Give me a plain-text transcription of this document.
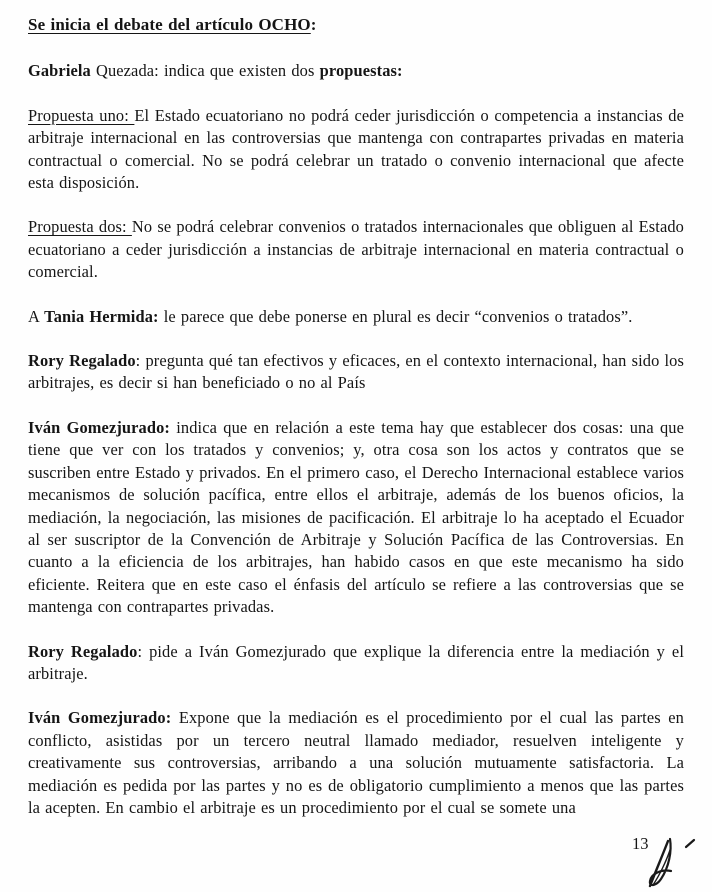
Se inicia el debate del artículo OCHO:

Gabriela Quezada: indica que existen dos propuestas:

Propuesta uno: El Estado ecuatoriano no podrá ceder jurisdicción o competencia a instancias de arbitraje internacional en las controversias que mantenga con contrapartes privadas en materia contractual o comercial. No se podrá celebrar un tratado o convenio internacional que afecte esta disposición.

Propuesta dos: No se podrá celebrar convenios o tratados internacionales que obliguen al Estado ecuatoriano a ceder jurisdicción a instancias de arbitraje internacional en materia contractual o comercial.

A Tania Hermida: le parece que debe ponerse en plural es decir “convenios o tratados”.

Rory Regalado: pregunta qué tan efectivos y eficaces, en el contexto internacional, han sido los arbitrajes, es decir si han beneficiado o no al País

Iván Gomezjurado: indica que en relación a este tema hay que establecer dos cosas: una que tiene que ver con los tratados y convenios; y, otra cosa son los actos y contratos que se suscriben entre Estado y privados. En el primero caso, el Derecho Internacional establece varios mecanismos de solución pacífica, entre ellos el arbitraje, además de los buenos oficios, la mediación, la negociación, las misiones de pacificación. El arbitraje lo ha aceptado el Ecuador al ser suscriptor de la Convención de Arbitraje y Solución Pacífica de las Controversias. En cuanto a la eficiencia de los arbitrajes, han habido casos en que este mecanismo ha sido eficiente. Reitera que en este caso el énfasis del artículo se refiere a las controversias que se mantenga con contrapartes privadas.

Rory Regalado: pide a Iván Gomezjurado que explique la diferencia entre la mediación y el arbitraje.

Iván Gomezjurado: Expone que la mediación es el procedimiento por el cual las partes en conflicto, asistidas por un tercero neutral llamado mediador, resuelven inteligente y creativamente sus controversias, arribando a una solución mutuamente satisfactoria. La mediación es pedida por las partes y no es de obligatorio cumplimiento a menos que las partes la acepten. En cambio el arbitraje es un procedimiento por el cual se somete una

13
